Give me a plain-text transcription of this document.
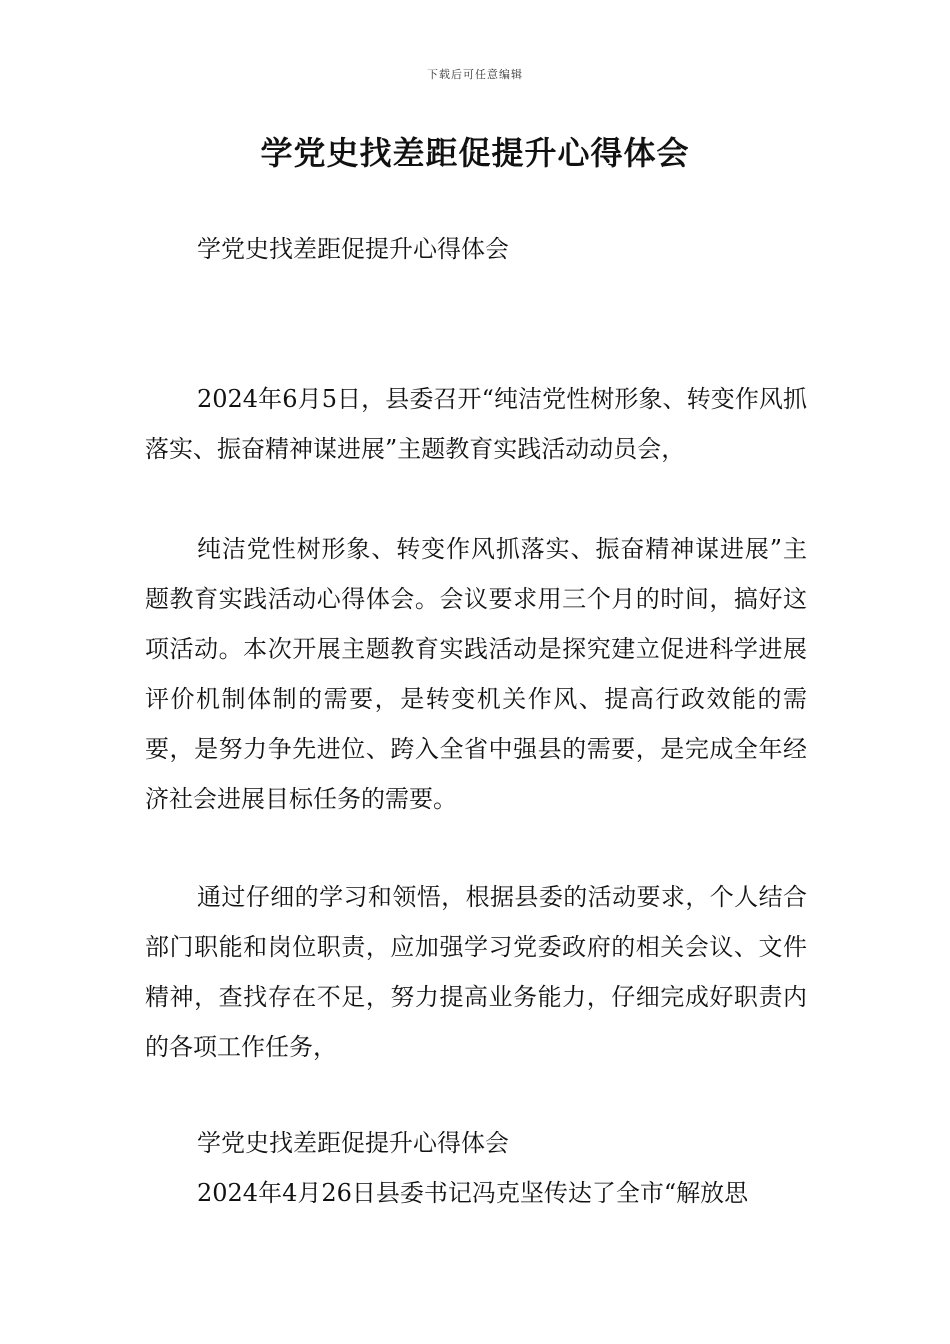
下载后可任意编辑
学党史找差距促提升心得体会

学党史找差距促提升心得体会

2024年6月5日，县委召开“纯洁党性树形象、转变作风抓落实、振奋精神谋进展”主题教育实践活动动员会，

纯洁党性树形象、转变作风抓落实、振奋精神谋进展”主题教育实践活动心得体会。会议要求用三个月的时间，搞好这项活动。本次开展主题教育实践活动是探究建立促进科学进展评价机制体制的需要，是转变机关作风、提高行政效能的需要，是努力争先进位、跨入全省中强县的需要，是完成全年经济社会进展目标任务的需要。

通过仔细的学习和领悟，根据县委的活动要求，个人结合部门职能和岗位职责，应加强学习党委政府的相关会议、文件精神，查找存在不足，努力提高业务能力，仔细完成好职责内的各项工作任务，

学党史找差距促提升心得体会

2024年4月26日县委书记冯克坚传达了全市“解放思
